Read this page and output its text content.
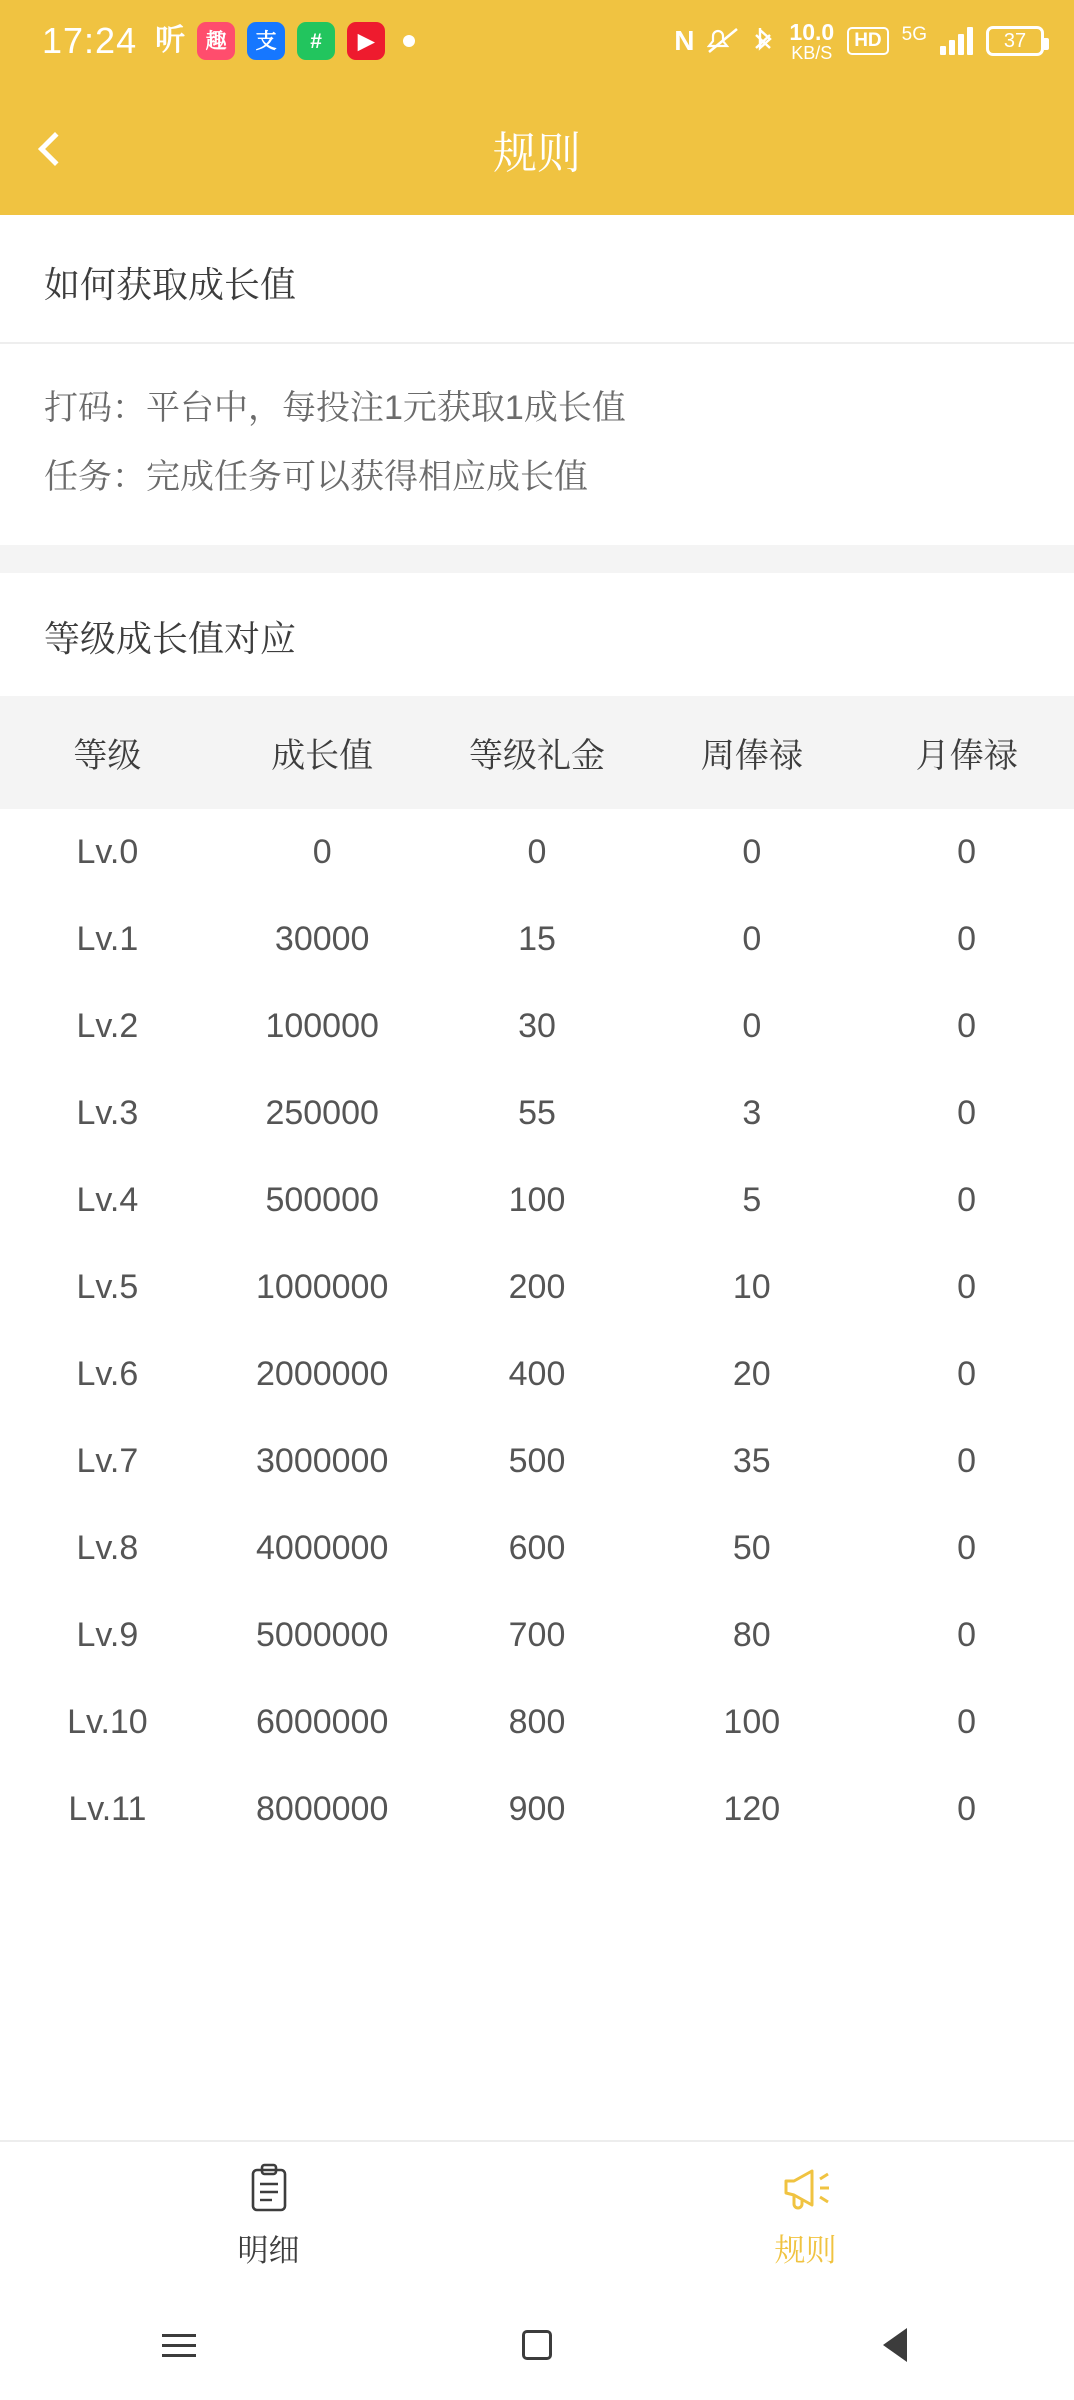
17:24 听 趣	支	#	▶	N	10.0
KB/S
HD	5G	37
规则
如何获取成长值
打码：平台中，每投注1元获取1成长值
任务：完成任务可以获得相应成长值
等级成长值对应
等级	成长值	等级礼金	周俸禄	月俸禄
Lv.0	0	0	0	0
Lv.1	30000	15	0	0
Lv.2	100000	30	0	0
Lv.3	250000	55	3	0
Lv.4	500000	100	5	0
Lv.5	1000000	200	10	0
Lv.6	2000000	400	20	0
Lv.7	3000000	500	35	0
Lv.8	4000000	600	50	0
Lv.9	5000000	700	80	0
Lv.10	6000000	800	100	0
Lv.11	8000000	900	120	0
明细	规则
